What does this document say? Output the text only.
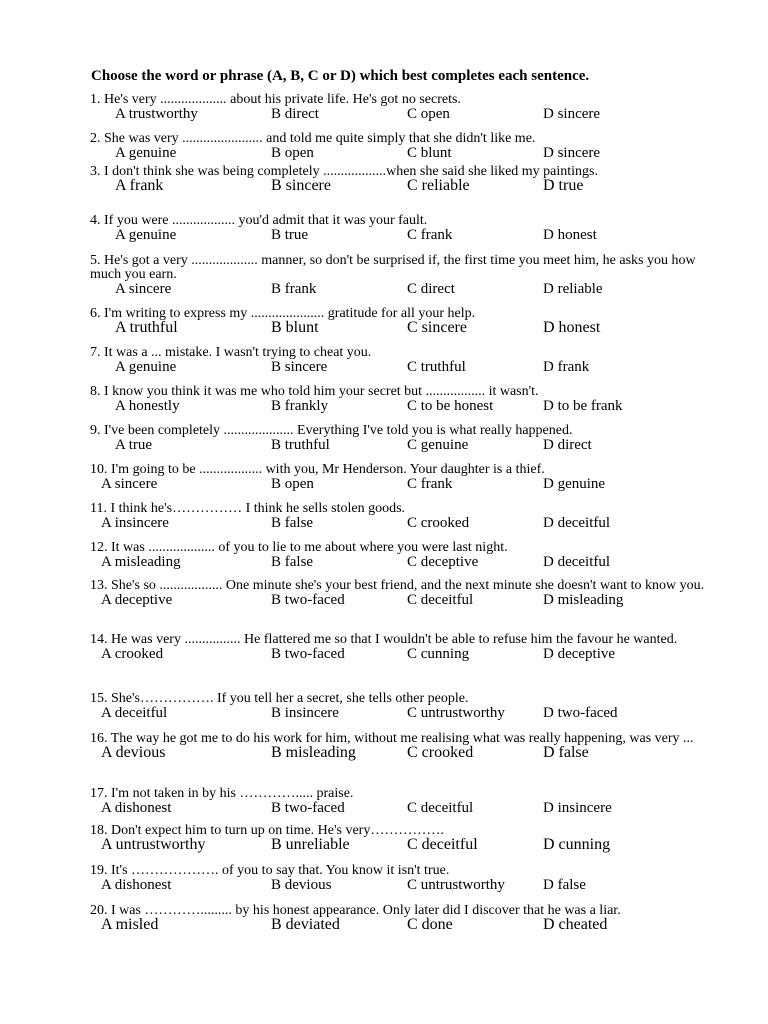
Choose the word or phrase (A, B, C or D) which best completes each sentence.
1. He's very ................... about his private life. He's got no secrets.
A trustworthy	B direct	C open	D sincere
2. She was very ....................... and told me quite simply that she didn't like me.
A genuine	B open	C blunt	D sincere
3. I don't think she was being completely ..................when she said she liked my paintings.
A frank	B sincere	C reliable	D true
4. If you were .................. you'd admit that it was your fault.
A genuine	B true	C frank	D honest
5. He's got a very ................... manner, so don't be surprised if, the first time you meet him, he asks you how much you earn.
A sincere	B frank	C direct	D reliable
6. I'm writing to express my ..................... gratitude for all your help.
A truthful	B blunt	C sincere	D honest
7. It was a ... mistake. I wasn't trying to cheat you.
A genuine	B sincere	C truthful	D frank
8. I know you think it was me who told him your secret but ................. it wasn't.
A honestly	B frankly	C to be honest	D to be frank
9. I've been completely .................... Everything I've told you is what really happened.
A true	B truthful	C genuine	D direct
10. I'm going to be .................. with you, Mr Henderson. Your daughter is a thief.
A sincere	B open	C frank	D genuine
11. I think he's…………… I think he sells stolen goods.
A insincere	B false	C crooked	D deceitful
12. It was ................... of you to lie to me about where you were last night.
A misleading	B false	C deceptive	D deceitful
13. She's so .................. One minute she's your best friend, and the next minute she doesn't want to know you.
A deceptive	B two-faced	C deceitful	D misleading
14. He was very ................ He flattered me so that I wouldn't be able to refuse him the favour he wanted.
A crooked	B two-faced	C cunning	D deceptive
15. She's……………. If you tell her a secret, she tells other people.
A deceitful	B insincere	C untrustworthy	D two-faced
16. The way he got me to do his work for him, without me realising what was really happening, was very ...
A devious	B misleading	C crooked	D false
17. I'm not taken in by his …………..... praise.
A dishonest	B two-faced	C deceitful	D insincere
18. Don't expect him to turn up on time. He's very…………….
A untrustworthy	B unreliable	C deceitful	D cunning
19. It's ………………. of you to say that. You know it isn't true.
A dishonest	B devious	C untrustworthy	D false
20. I was …………......... by his honest appearance. Only later did I discover that he was a liar.
A misled	B deviated	C done	D cheated
